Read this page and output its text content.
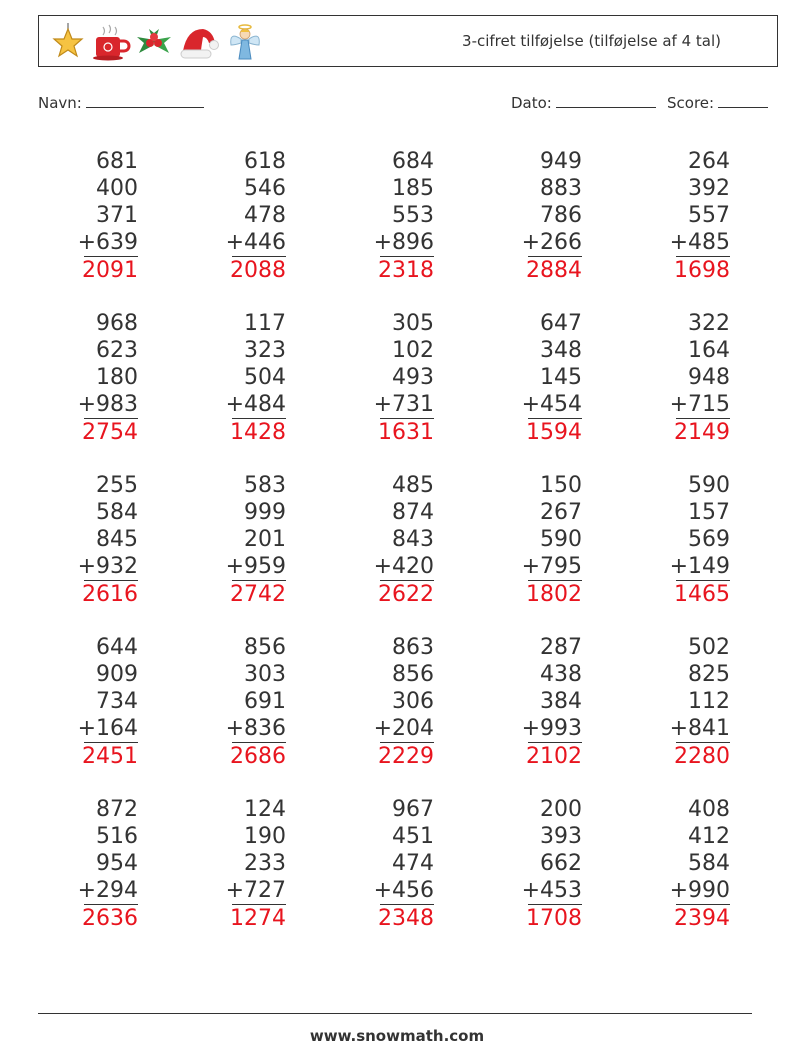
3-cifret tilføjelse (tilføjelse af 4 tal)
Navn:	Dato:	Score:
681
400
371
+639
2091
618
546
478
+446
2088
684
185
553
+896
2318
949
883
786
+266
2884
264
392
557
+485
1698
968
623
180
+983
2754
117
323
504
+484
1428
305
102
493
+731
1631
647
348
145
+454
1594
322
164
948
+715
2149
255
584
845
+932
2616
583
999
201
+959
2742
485
874
843
+420
2622
150
267
590
+795
1802
590
157
569
+149
1465
644
909
734
+164
2451
856
303
691
+836
2686
863
856
306
+204
2229
287
438
384
+993
2102
502
825
112
+841
2280
872
516
954
+294
2636
124
190
233
+727
1274
967
451
474
+456
2348
200
393
662
+453
1708
408
412
584
+990
2394
www.snowmath.com
